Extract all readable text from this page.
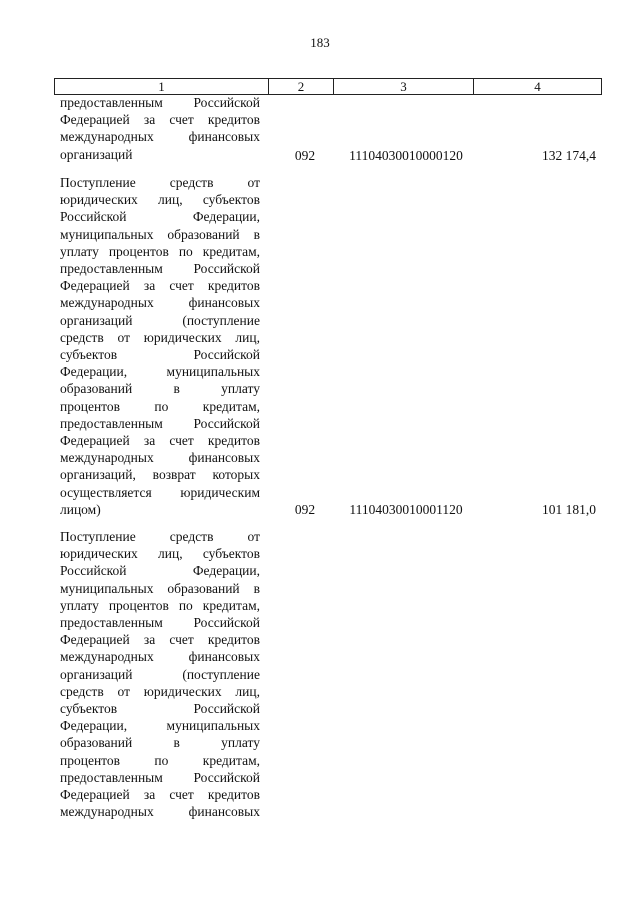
183
1	2	3	4
предоставленным Российской
Федерацией за счет кредитов
международных финансовых
организаций	092	11104030010000120	132 174,4
Поступление средств от
юридических лиц, субъектов
Российской Федерации,
муниципальных образований в
уплату процентов по кредитам,
предоставленным Российской
Федерацией за счет кредитов
международных финансовых
организаций (поступление
средств от юридических лиц,
субъектов Российской
Федерации, муниципальных
образований в уплату
процентов по кредитам,
предоставленным Российской
Федерацией за счет кредитов
международных финансовых
организаций, возврат которых
осуществляется юридическим
лицом)	092	11104030010001120	101 181,0
Поступление средств от
юридических лиц, субъектов
Российской Федерации,
муниципальных образований в
уплату процентов по кредитам,
предоставленным Российской
Федерацией за счет кредитов
международных финансовых
организаций (поступление
средств от юридических лиц,
субъектов Российской
Федерации, муниципальных
образований в уплату
процентов по кредитам,
предоставленным Российской
Федерацией за счет кредитов
международных финансовых
